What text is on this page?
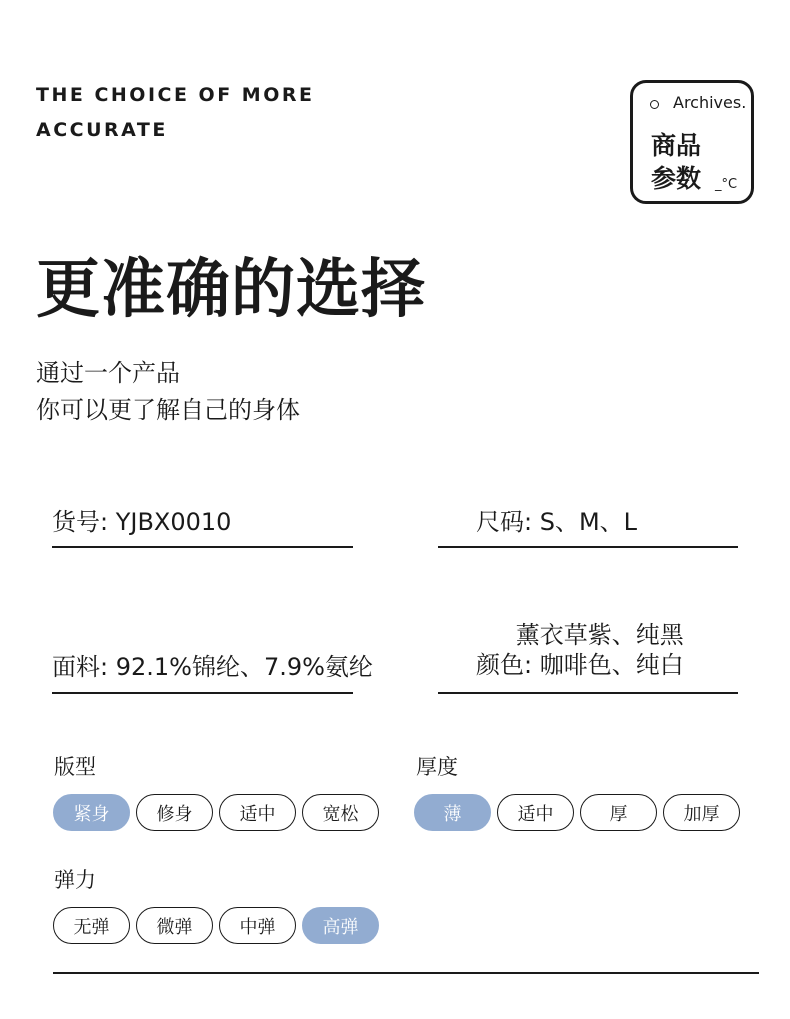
THE CHOICE OF MORE
ACCURATE
Archives.
商品
参数 _°C
更准确的选择
通过一个产品
你可以更了解自己的身体
货号: YJBX0010	尺码: S、M、L
面料: 92.1%锦纶、7.9%氨纶
薰衣草紫、纯黑
颜色: 咖啡色、纯白
版型
紧身	修身	适中	宽松
厚度
薄	适中	厚	加厚
弹力
无弹	微弹	中弹	高弹
